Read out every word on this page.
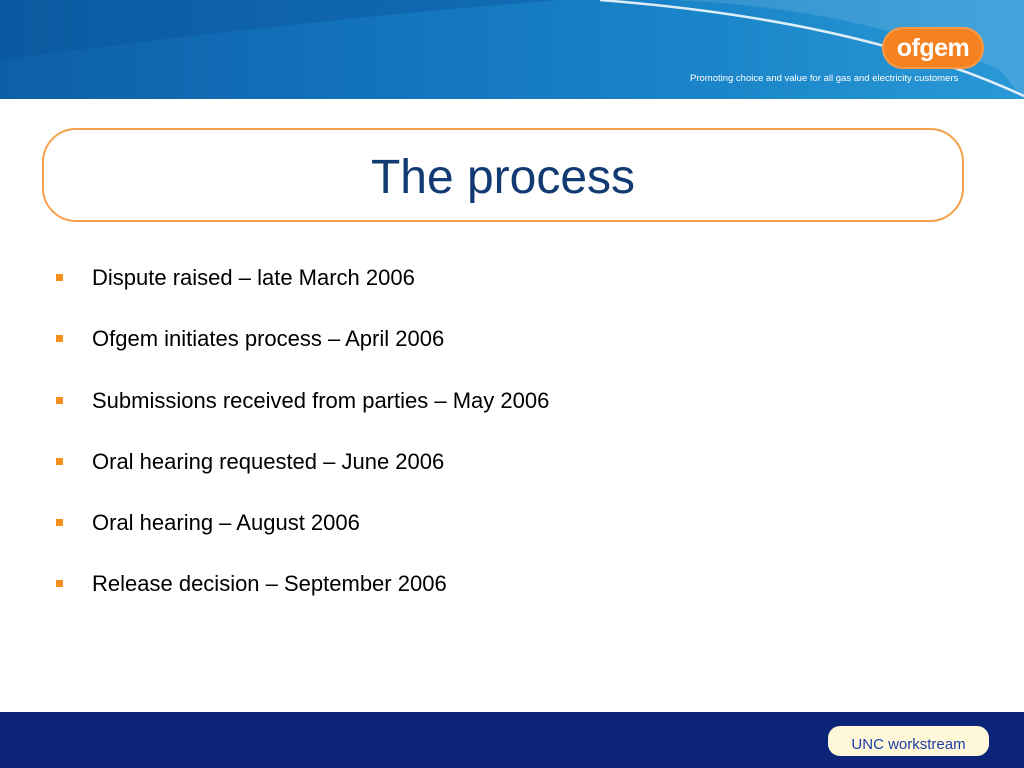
ofgem
Promoting choice and value for all gas and electricity customers
The process
Dispute raised – late March 2006
Ofgem initiates process – April 2006
Submissions received from parties – May 2006
Oral hearing requested – June 2006
Oral hearing – August 2006
Release decision – September 2006
UNC workstream
